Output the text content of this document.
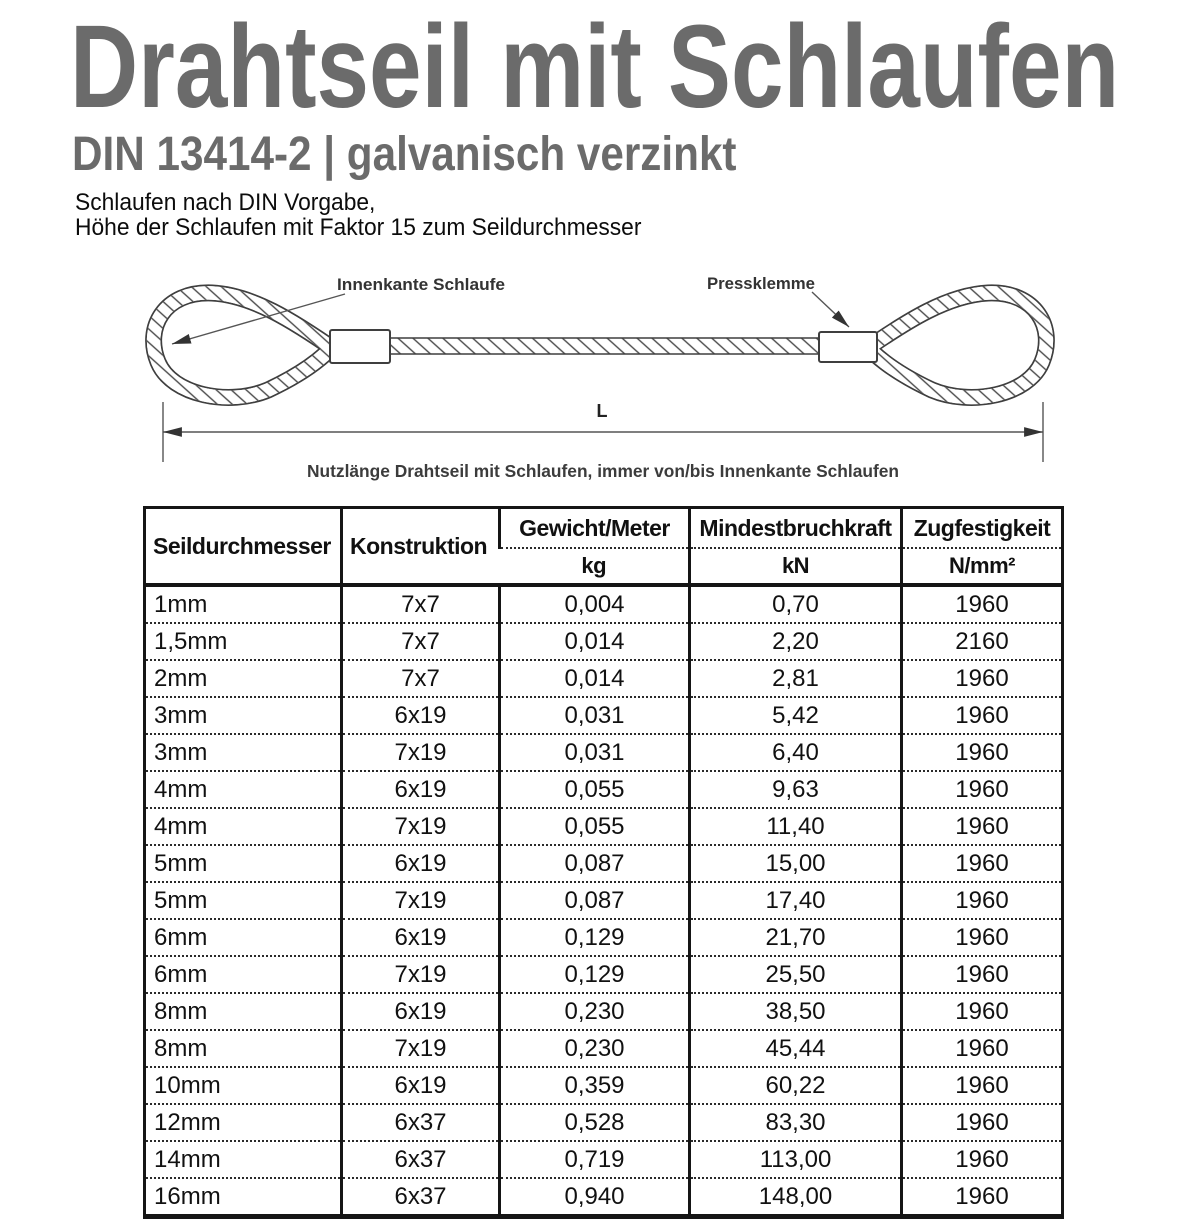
Drahtseil mit Schlaufen
DIN 13414-2 | galvanisch verzinkt
Schlaufen nach DIN Vorgabe,
Höhe der Schlaufen mit Faktor 15 zum Seildurchmesser
Innenkante Schlaufe	Pressklemme
L
Nutzlänge Drahtseil mit Schlaufen, immer von/bis Innenkante Schlaufen
Seildurchmesser	Konstruktion	Gewicht/Meter	Mindestbruchkraft	Zugfestigkeit
		kg	kN	N/mm²
1mm	7x7	0,004	0,70	1960
1,5mm	7x7	0,014	2,20	2160
2mm	7x7	0,014	2,81	1960
3mm	6x19	0,031	5,42	1960
3mm	7x19	0,031	6,40	1960
4mm	6x19	0,055	9,63	1960
4mm	7x19	0,055	11,40	1960
5mm	6x19	0,087	15,00	1960
5mm	7x19	0,087	17,40	1960
6mm	6x19	0,129	21,70	1960
6mm	7x19	0,129	25,50	1960
8mm	6x19	0,230	38,50	1960
8mm	7x19	0,230	45,44	1960
10mm	6x19	0,359	60,22	1960
12mm	6x37	0,528	83,30	1960
14mm	6x37	0,719	113,00	1960
16mm	6x37	0,940	148,00	1960
